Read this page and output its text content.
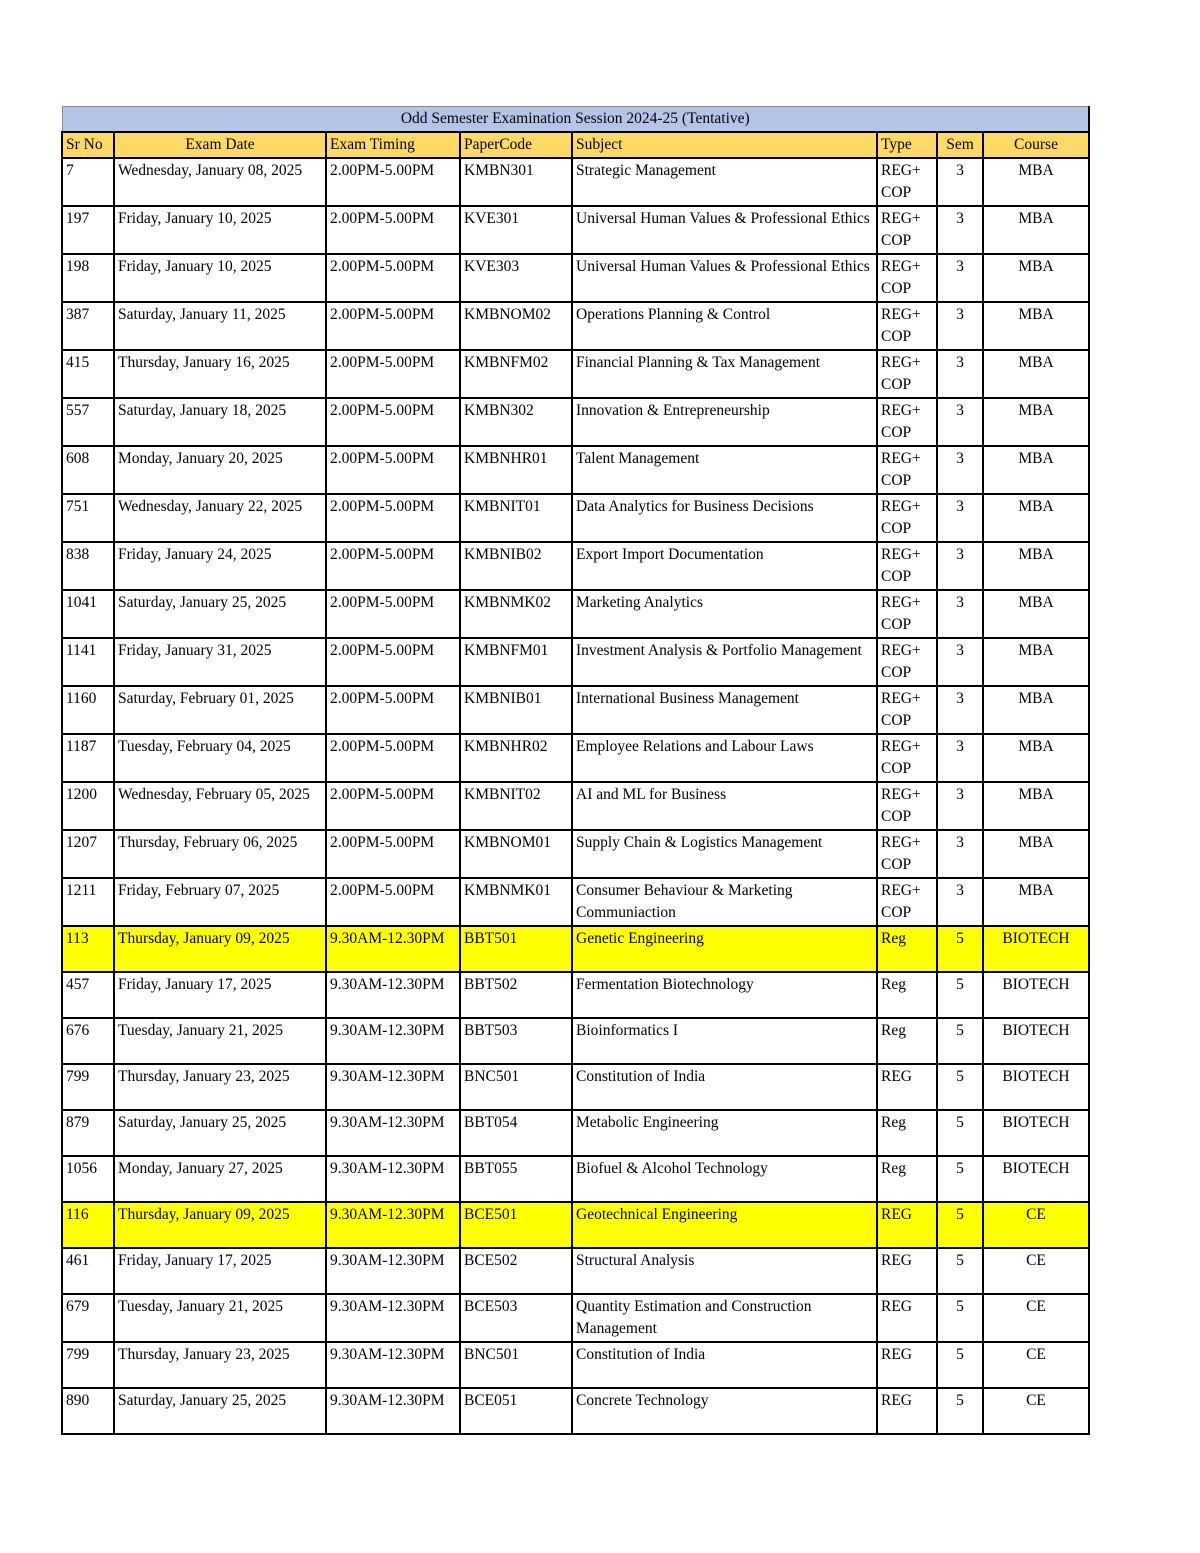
Odd Semester Examination Session 2024-25 (Tentative)							
Sr No	Exam Date	Exam Timing	PaperCode	Subject	Type	Sem	Course
7	Wednesday, January 08, 2025	2.00PM-5.00PM	KMBN301	Strategic Management	REG+ COP	3	MBA
197	Friday, January 10, 2025	2.00PM-5.00PM	KVE301	Universal Human Values & Professional Ethics	REG+ COP	3	MBA
198	Friday, January 10, 2025	2.00PM-5.00PM	KVE303	Universal Human Values & Professional Ethics	REG+ COP	3	MBA
387	Saturday, January 11, 2025	2.00PM-5.00PM	KMBNOM02	Operations Planning & Control	REG+ COP	3	MBA
415	Thursday, January 16, 2025	2.00PM-5.00PM	KMBNFM02	Financial Planning & Tax Management	REG+ COP	3	MBA
557	Saturday, January 18, 2025	2.00PM-5.00PM	KMBN302	Innovation & Entrepreneurship	REG+ COP	3	MBA
608	Monday, January 20, 2025	2.00PM-5.00PM	KMBNHR01	Talent Management	REG+ COP	3	MBA
751	Wednesday, January 22, 2025	2.00PM-5.00PM	KMBNIT01	Data Analytics for Business Decisions	REG+ COP	3	MBA
838	Friday, January 24, 2025	2.00PM-5.00PM	KMBNIB02	Export Import Documentation	REG+ COP	3	MBA
1041	Saturday, January 25, 2025	2.00PM-5.00PM	KMBNMK02	Marketing Analytics	REG+ COP	3	MBA
1141	Friday, January 31, 2025	2.00PM-5.00PM	KMBNFM01	Investment Analysis & Portfolio Management	REG+ COP	3	MBA
1160	Saturday, February 01, 2025	2.00PM-5.00PM	KMBNIB01	International Business Management	REG+ COP	3	MBA
1187	Tuesday, February 04, 2025	2.00PM-5.00PM	KMBNHR02	Employee Relations and Labour Laws	REG+ COP	3	MBA
1200	Wednesday, February 05, 2025	2.00PM-5.00PM	KMBNIT02	AI and ML for Business	REG+ COP	3	MBA
1207	Thursday, February 06, 2025	2.00PM-5.00PM	KMBNOM01	Supply Chain & Logistics Management	REG+ COP	3	MBA
1211	Friday, February 07, 2025	2.00PM-5.00PM	KMBNMK01	Consumer Behaviour & Marketing Communiaction	REG+ COP	3	MBA
113	Thursday, January 09, 2025	9.30AM-12.30PM	BBT501	Genetic Engineering	Reg	5	BIOTECH
457	Friday, January 17, 2025	9.30AM-12.30PM	BBT502	Fermentation Biotechnology	Reg	5	BIOTECH
676	Tuesday, January 21, 2025	9.30AM-12.30PM	BBT503	Bioinformatics I	Reg	5	BIOTECH
799	Thursday, January 23, 2025	9.30AM-12.30PM	BNC501	Constitution of India	REG	5	BIOTECH
879	Saturday, January 25, 2025	9.30AM-12.30PM	BBT054	Metabolic Engineering	Reg	5	BIOTECH
1056	Monday, January 27, 2025	9.30AM-12.30PM	BBT055	Biofuel & Alcohol Technology	Reg	5	BIOTECH
116	Thursday, January 09, 2025	9.30AM-12.30PM	BCE501	Geotechnical Engineering	REG	5	CE
461	Friday, January 17, 2025	9.30AM-12.30PM	BCE502	Structural Analysis	REG	5	CE
679	Tuesday, January 21, 2025	9.30AM-12.30PM	BCE503	Quantity Estimation and Construction Management	REG	5	CE
799	Thursday, January 23, 2025	9.30AM-12.30PM	BNC501	Constitution of India	REG	5	CE
890	Saturday, January 25, 2025	9.30AM-12.30PM	BCE051	Concrete Technology	REG	5	CE
